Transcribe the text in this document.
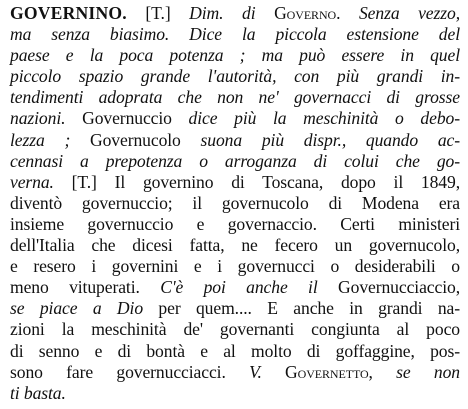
GOVERNINO. [T.] Dim. di Governo. Senza vezzo,
ma senza biasimo. Dice la piccola estensione del
paese e la poca potenza ; ma può essere in quel
piccolo spazio grande l'autorità, con più grandi in-
tendimenti adoprata che non ne' governacci di grosse
nazioni. Governuccio dice più la meschinità o debo-
lezza ; Governucolo suona più dispr., quando ac-
cennasi a prepotenza o arroganza di colui che go-
verna. [T.] Il governino di Toscana, dopo il 1849,
diventò governuccio; il governucolo di Modena era
insieme governuccio e governaccio. Certi ministeri
dell'Italia che dicesi fatta, ne fecero un governucolo,
e resero i governini e i governucci o desiderabili o
meno vituperati. C'è poi anche il Governucciaccio,
se piace a Dio per quem.... E anche in grandi na-
zioni la meschinità de' governanti congiunta al poco
di senno e di bontà e al molto di goffaggine, pos-
sono fare governucciacci. V. Governetto, se non
ti basta.
